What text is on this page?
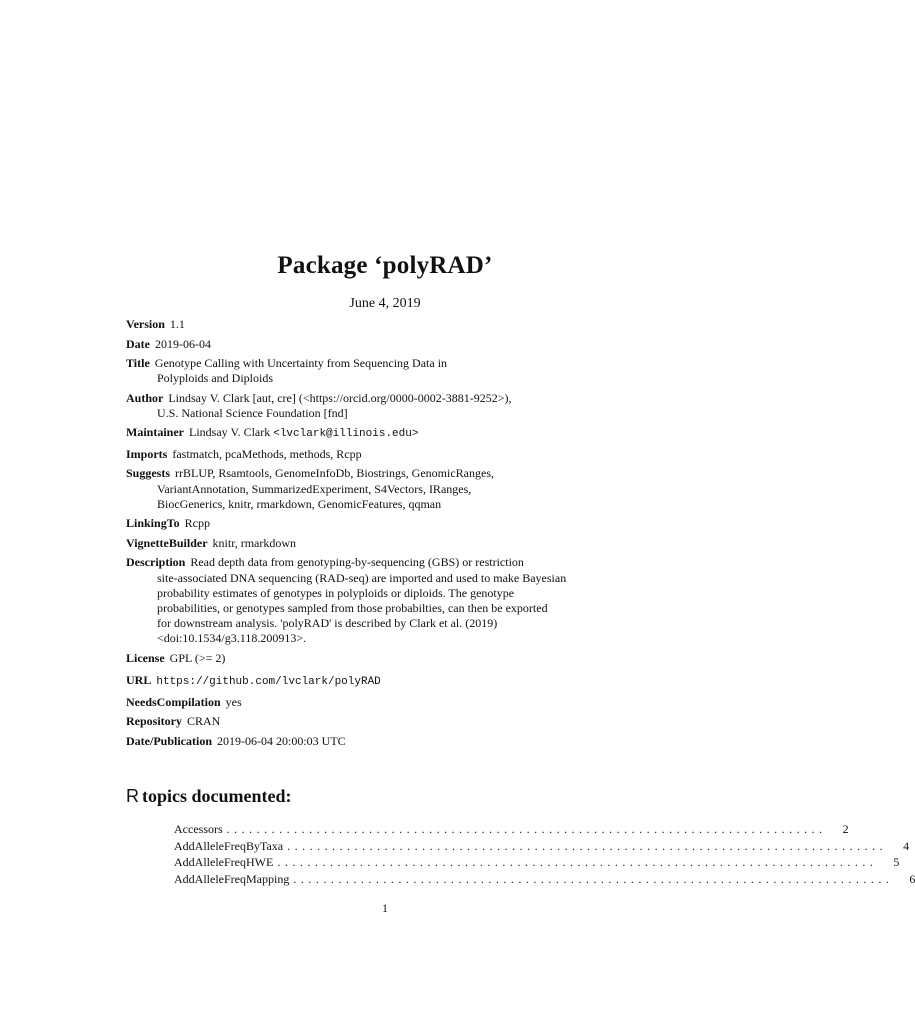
Package ‘polyRAD’
June 4, 2019
Version 1.1
Date 2019-06-04
Title Genotype Calling with Uncertainty from Sequencing Data in
Polyploids and Diploids
Author Lindsay V. Clark [aut, cre] (<https://orcid.org/0000-0002-3881-9252>),
U.S. National Science Foundation [fnd]
Maintainer Lindsay V. Clark <lvclark@illinois.edu>
Imports fastmatch, pcaMethods, methods, Rcpp
Suggests rrBLUP, Rsamtools, GenomeInfoDb, Biostrings, GenomicRanges,
VariantAnnotation, SummarizedExperiment, S4Vectors, IRanges,
BiocGenerics, knitr, rmarkdown, GenomicFeatures, qqman
LinkingTo Rcpp
VignetteBuilder knitr, rmarkdown
Description Read depth data from genotyping-by-sequencing (GBS) or restriction
site-associated DNA sequencing (RAD-seq) are imported and used to make Bayesian
probability estimates of genotypes in polyploids or diploids. The genotype
probabilities, or genotypes sampled from those probabilties, can then be exported
for downstream analysis. 'polyRAD' is described by Clark et al. (2019)
<doi:10.1534/g3.118.200913>.
License GPL (>= 2)
URL https://github.com/lvclark/polyRAD
NeedsCompilation yes
Repository CRAN
Date/Publication 2019-06-04 20:00:03 UTC
R topics documented:
Accessors ................................................................................	2
AddAlleleFreqByTaxa ................................................................................	4
AddAlleleFreqHWE ................................................................................	5
AddAlleleFreqMapping ................................................................................	6
1
